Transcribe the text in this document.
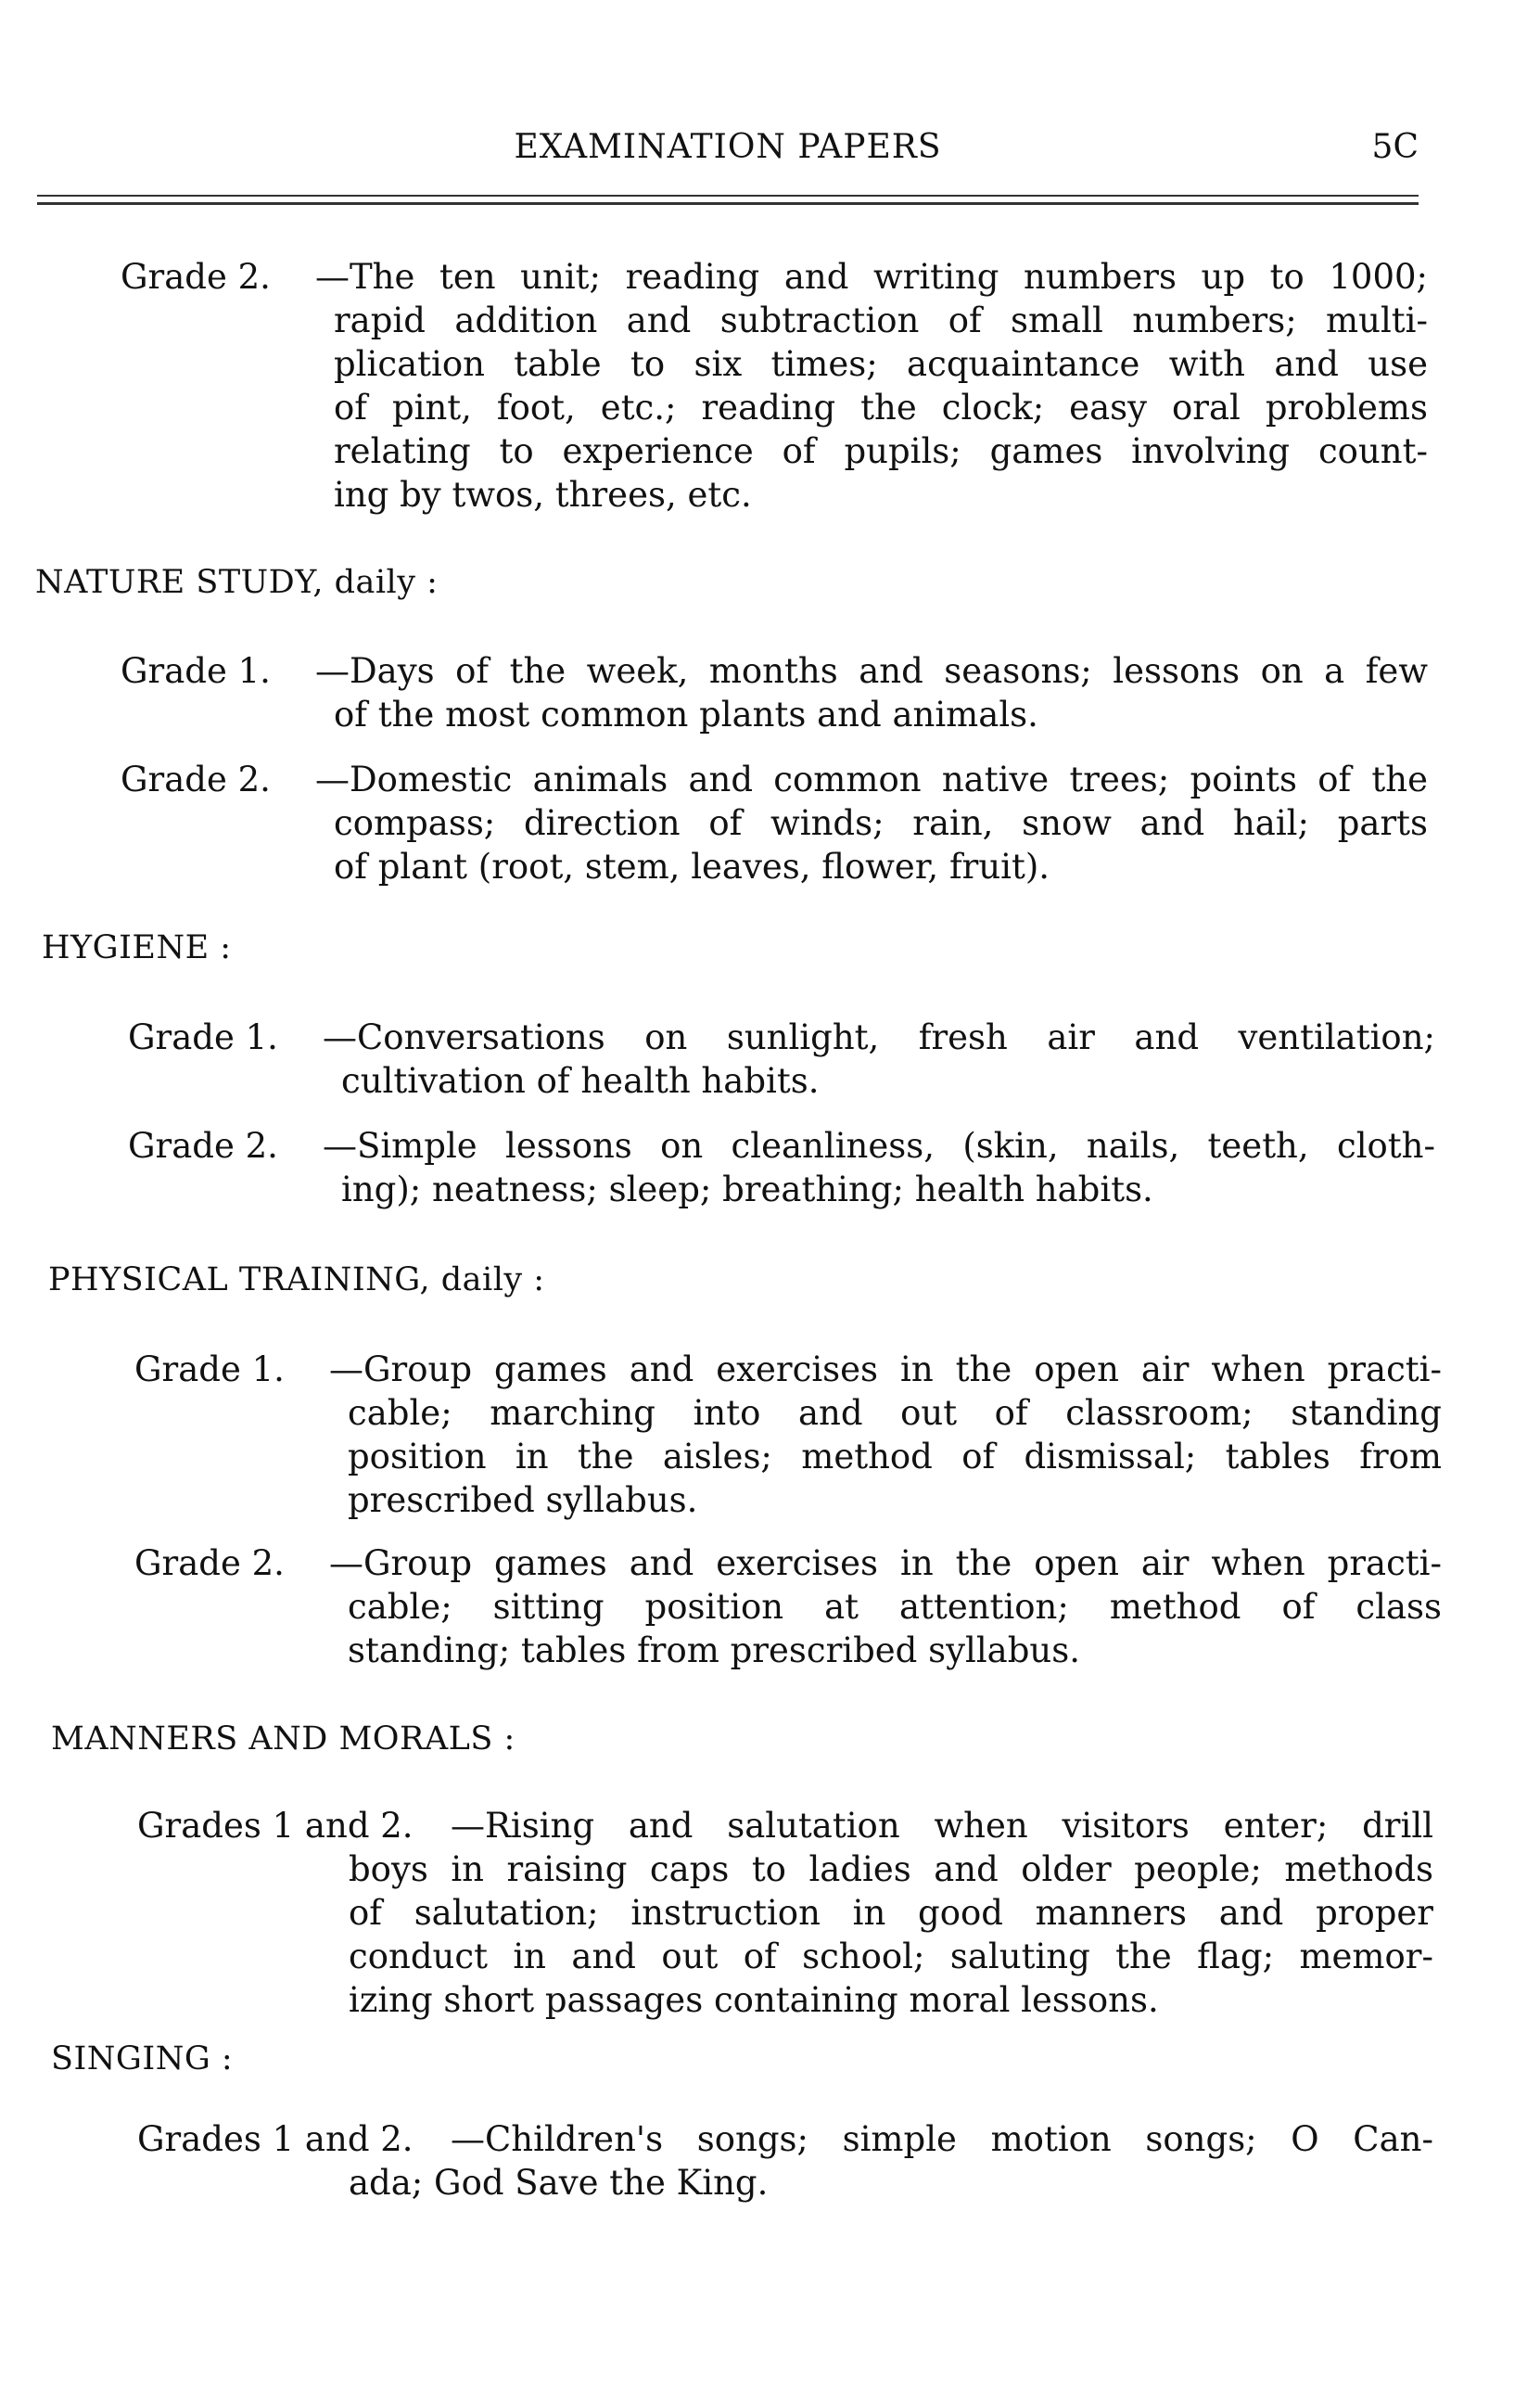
EXAMINATION PAPERS	5C
Grade 2. —The ten unit; reading and writing numbers up to 1000;
rapid addition and subtraction of small numbers; multi-
plication table to six times; acquaintance with and use
of pint, foot, etc.; reading the clock; easy oral problems
relating to experience of pupils; games involving count-
ing by twos, threes, etc.
NATURE STUDY, daily :
Grade 1. —Days of the week, months and seasons; lessons on a few
of the most common plants and animals.
Grade 2. —Domestic animals and common native trees; points of the
compass; direction of winds; rain, snow and hail; parts
of plant (root, stem, leaves, flower, fruit).
HYGIENE :
Grade 1. —Conversations on sunlight, fresh air and ventilation;
cultivation of health habits.
Grade 2. —Simple lessons on cleanliness, (skin, nails, teeth, cloth-
ing); neatness; sleep; breathing; health habits.
PHYSICAL TRAINING, daily :
Grade 1. —Group games and exercises in the open air when practi-
cable; marching into and out of classroom; standing
position in the aisles; method of dismissal; tables from
prescribed syllabus.
Grade 2. —Group games and exercises in the open air when practi-
cable; sitting position at attention; method of class
standing; tables from prescribed syllabus.
MANNERS AND MORALS :
Grades 1 and 2. —Rising and salutation when visitors enter; drill
boys in raising caps to ladies and older people; methods
of salutation; instruction in good manners and proper
conduct in and out of school; saluting the flag; memor-
izing short passages containing moral lessons.
SINGING :
Grades 1 and 2. —Children's songs; simple motion songs; O Can-
ada; God Save the King.
